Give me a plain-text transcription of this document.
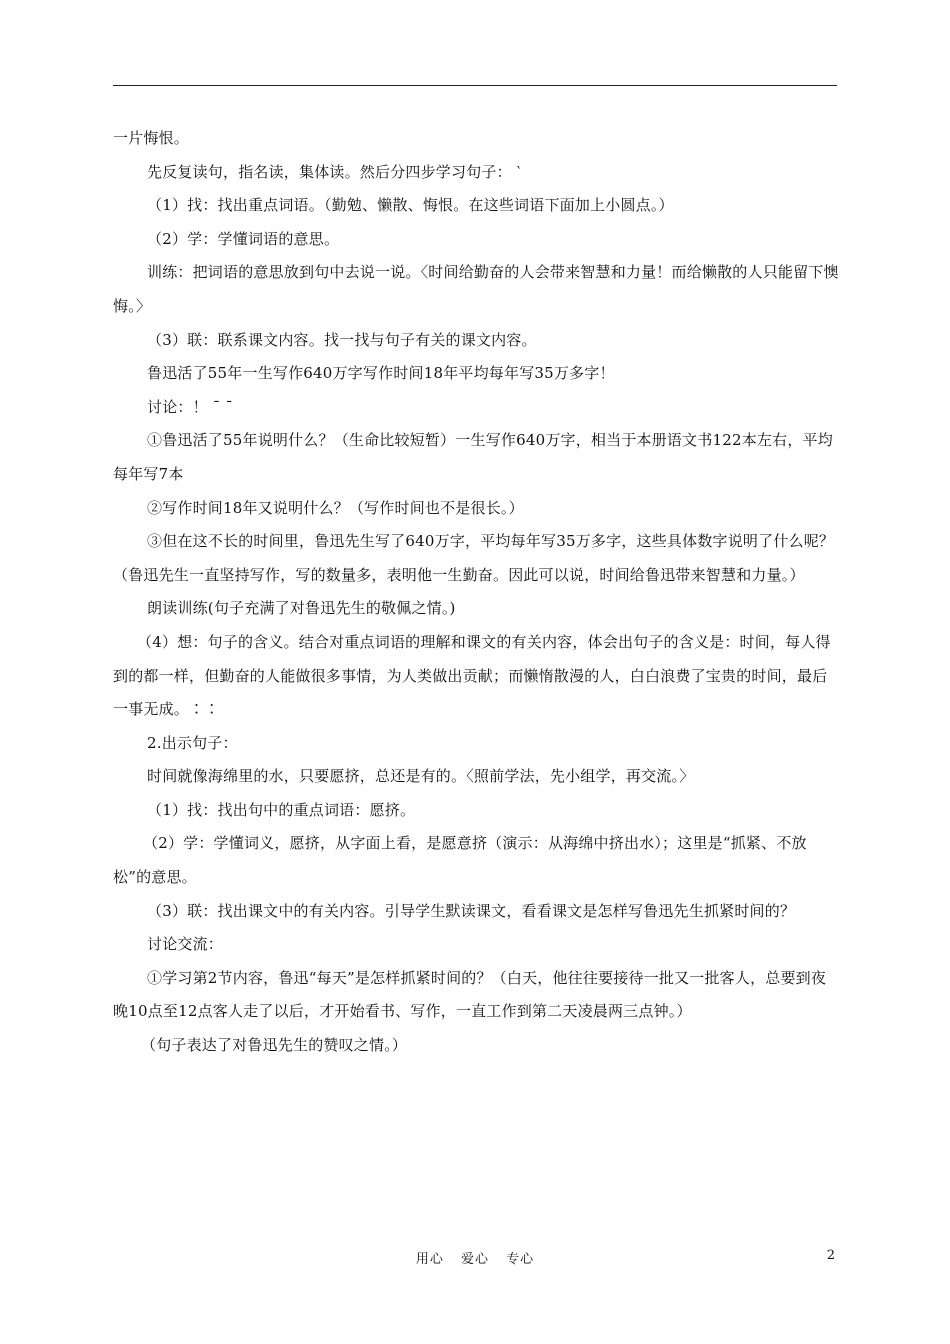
一片悔恨。

先反复读句，指名读，集体读。然后分四步学习句子： ‵

（1）找：找出重点词语。（勤勉、懒散、悔恨。在这些词语下面加上小圆点。）

（2）学：学懂词语的意思。

训练：把词语的意思放到句中去说一说。〈时间给勤奋的人会带来智慧和力量！而给懒散的人只能留下懊悔。〉

（3）联：联系课文内容。找一找与句子有关的课文内容。

鲁迅活了55年一生写作640万字写作时间18年平均每年写35万多字！

讨论：！ ¯ ¯

①鲁迅活了55年说明什么？（生命比较短暂）一生写作640万字，相当于本册语文书122本左右，平均每年写7本

②写作时间18年又说明什么？（写作时间也不是很长。）

③但在这不长的时间里，鲁迅先生写了640万字，平均每年写35万多字，这些具体数字说明了什么呢？（鲁迅先生一直坚持写作，写的数量多，表明他一生勤奋。因此可以说，时间给鲁迅带来智慧和力量。）

朗读训练(句子充满了对鲁迅先生的敬佩之情。)

（4）想：句子的含义。结合对重点词语的理解和课文的有关内容，体会出句子的含义是：时间，每人得到的都一样，但勤奋的人能做很多事情，为人类做出贡献；而懒惰散漫的人，白白浪费了宝贵的时间，最后一事无成。∶∶

2.出示句子：

时间就像海绵里的水，只要愿挤，总还是有的。〈照前学法，先小组学，再交流。〉

（1）找：找出句中的重点词语：愿挤。

（2）学：学懂词义，愿挤，从字面上看，是愿意挤（演示：从海绵中挤出水）；这里是“抓紧、不放松”的意思。

（3）联：找出课文中的有关内容。引导学生默读课文，看看课文是怎样写鲁迅先生抓紧时间的？

讨论交流：

①学习第2节内容，鲁迅“每天”是怎样抓紧时间的？（白天，他往往要接待一批又一批客人，总要到夜晚10点至12点客人走了以后，才开始看书、写作，一直工作到第二天凌晨两三点钟。）

（句子表达了对鲁迅先生的赞叹之情。）

用心 爱心 专心	2
